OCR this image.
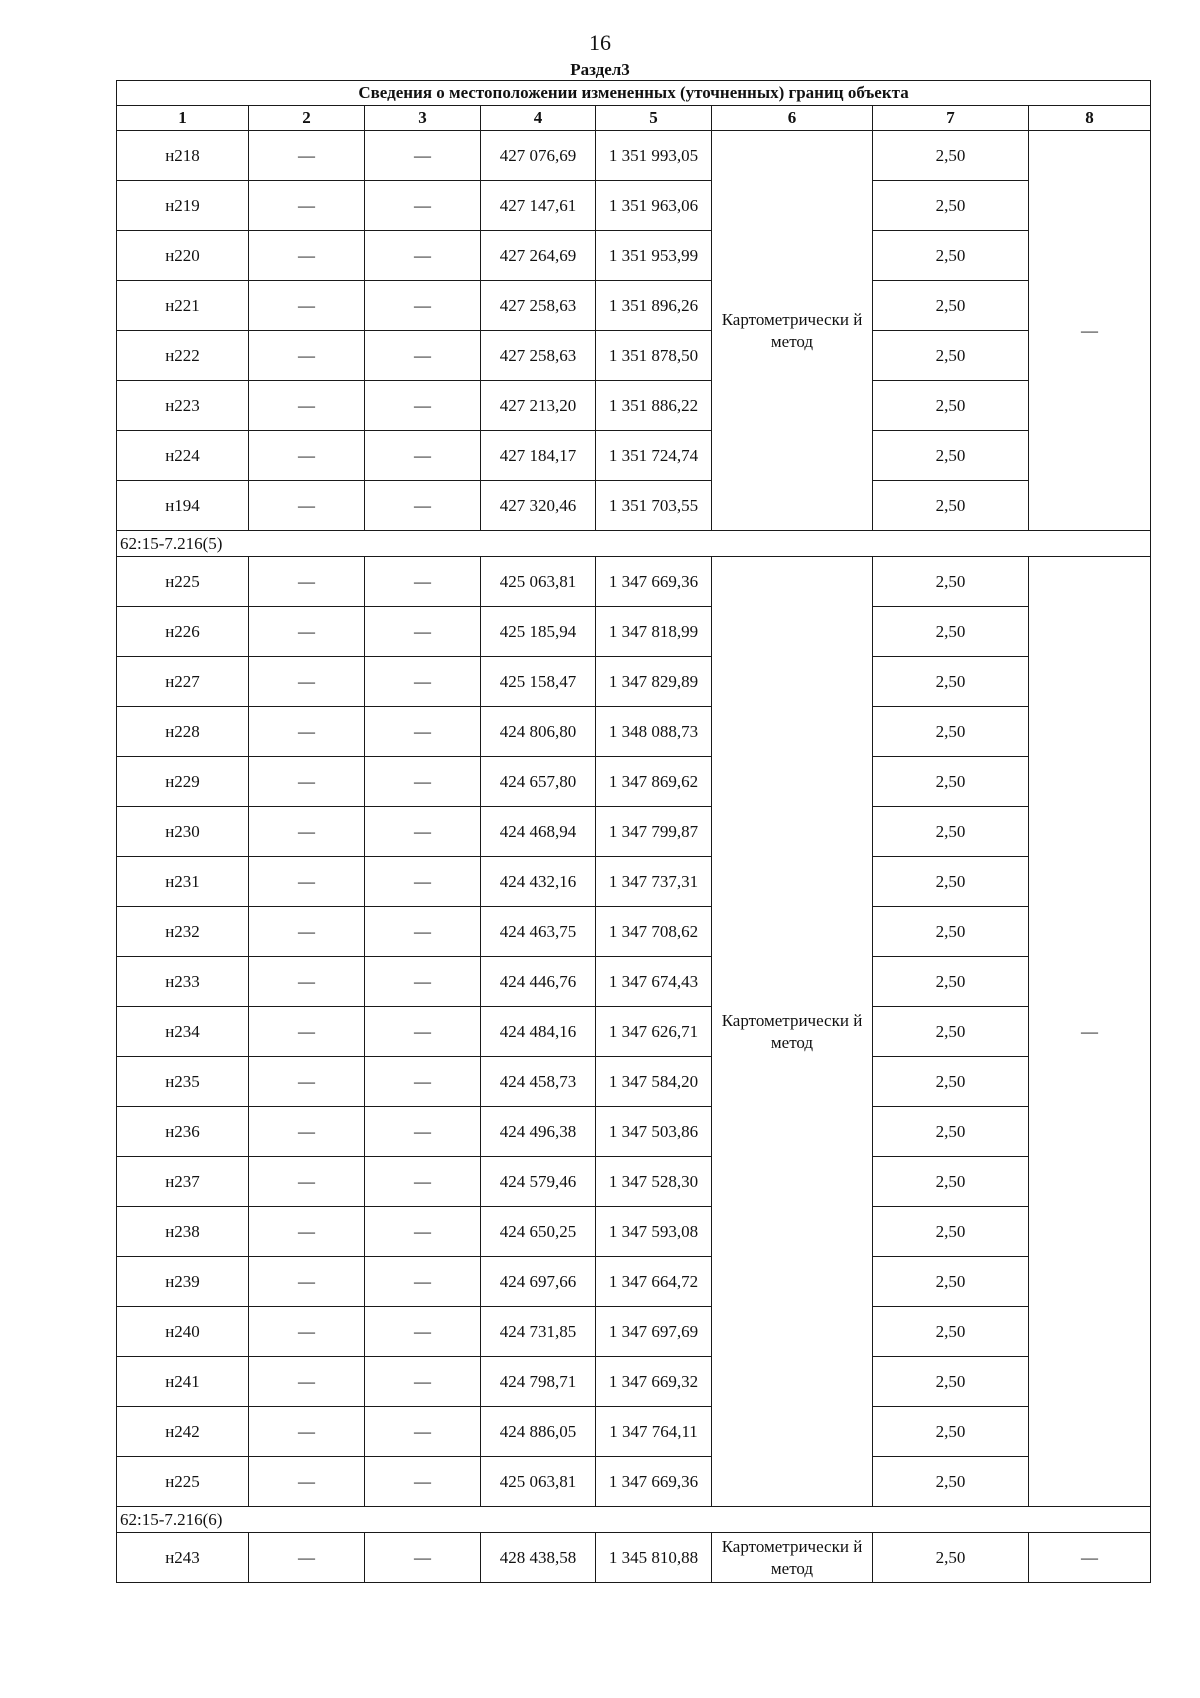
16
Раздел3
Сведения о местоположении измененных (уточненных) границ объекта							
1	2	3	4	5	6	7	8
н218	—	—	427 076,69	1 351 993,05	Картометрически й метод	2,50	—
н219	—	—	427 147,61	1 351 963,06		2,50	
н220	—	—	427 264,69	1 351 953,99		2,50	
н221	—	—	427 258,63	1 351 896,26		2,50	
н222	—	—	427 258,63	1 351 878,50		2,50	
н223	—	—	427 213,20	1 351 886,22		2,50	
н224	—	—	427 184,17	1 351 724,74		2,50	
н194	—	—	427 320,46	1 351 703,55		2,50	
62:15-7.216(5)							
н225	—	—	425 063,81	1 347 669,36	Картометрически й метод	2,50	—
н226	—	—	425 185,94	1 347 818,99		2,50	
н227	—	—	425 158,47	1 347 829,89		2,50	
н228	—	—	424 806,80	1 348 088,73		2,50	
н229	—	—	424 657,80	1 347 869,62		2,50	
н230	—	—	424 468,94	1 347 799,87		2,50	
н231	—	—	424 432,16	1 347 737,31		2,50	
н232	—	—	424 463,75	1 347 708,62		2,50	
н233	—	—	424 446,76	1 347 674,43		2,50	
н234	—	—	424 484,16	1 347 626,71		2,50	
н235	—	—	424 458,73	1 347 584,20		2,50	
н236	—	—	424 496,38	1 347 503,86		2,50	
н237	—	—	424 579,46	1 347 528,30		2,50	
н238	—	—	424 650,25	1 347 593,08		2,50	
н239	—	—	424 697,66	1 347 664,72		2,50	
н240	—	—	424 731,85	1 347 697,69		2,50	
н241	—	—	424 798,71	1 347 669,32		2,50	
н242	—	—	424 886,05	1 347 764,11		2,50	
н225	—	—	425 063,81	1 347 669,36		2,50	
62:15-7.216(6)							
н243	—	—	428 438,58	1 345 810,88	Картометрически й метод	2,50	—
